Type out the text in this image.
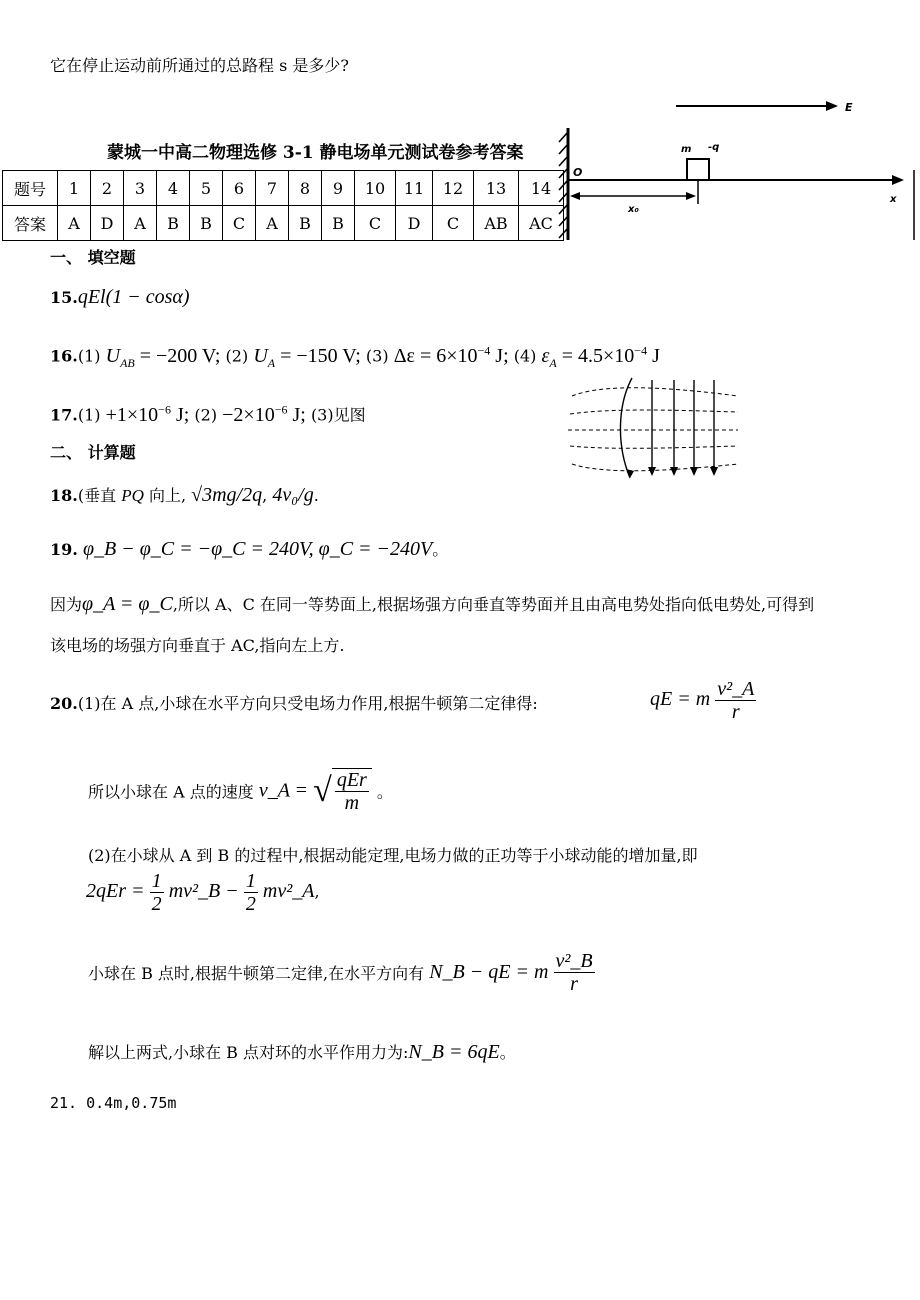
它在停止运动前所通过的总路程 s 是多少?
E
O
x
m -q
x₀
蒙城一中高二物理选修 3-1 静电场单元测试卷参考答案
题号	1	2	3	4	5	6	7	8	9	10	11	12	13	14
答案	A	D	A	B	B	C	A	B	B	C	D	C	AB	AC
一、 填空题
15.qEl(1 − cosα)
16.(1) $U_{AB} = -200$ V; (2) $U_A = -150$ V; (3) $\Delta\varepsilon = 6\times 10^{-4}$ J; (4) $\varepsilon_A = 4.5\times 10^{-4}$ J
$17.(1) +1\times 10^{-6}$ J; $(2) -2\times 10^{-6}$ J; (3)见图
二、 计算题
18.(垂直 PQ 向上, √3mg/2q, 4v₀/g.
19. φ_B − φ_C = −φ_C = 240V, φ_C = −240V。
因为φ_A = φ_C,所以 A、C 在同一等势面上,根据场强方向垂直等势面并且由高电势处指向低电势处,可得到
该电场的场强方向垂直于 AC,指向左上方.
20.(1)在 A 点,小球在水平方向只受电场力作用,根据牛顿第二定律得:	qE = m $\frac{\text{v²\_A}}{r}$
所以小球在 A 点的速度 v_A = √ $\frac{\text{qEr}}{m}$ 。
(2)在小球从 A 到 B 的过程中,根据动能定理,电场力做的正功等于小球动能的增加量,即
$2qEr = \frac{1}{2}$ mv²_B − $\frac{1}{2}$ mv²_A,
小球在 B 点时,根据牛顿第二定律,在水平方向有 N_B − qE = m $\frac{\text{v²\_B}}{r}$
解以上两式,小球在 B 点对环的水平作用力为:N_B = 6qE。
21. 0.4m,0.75m
